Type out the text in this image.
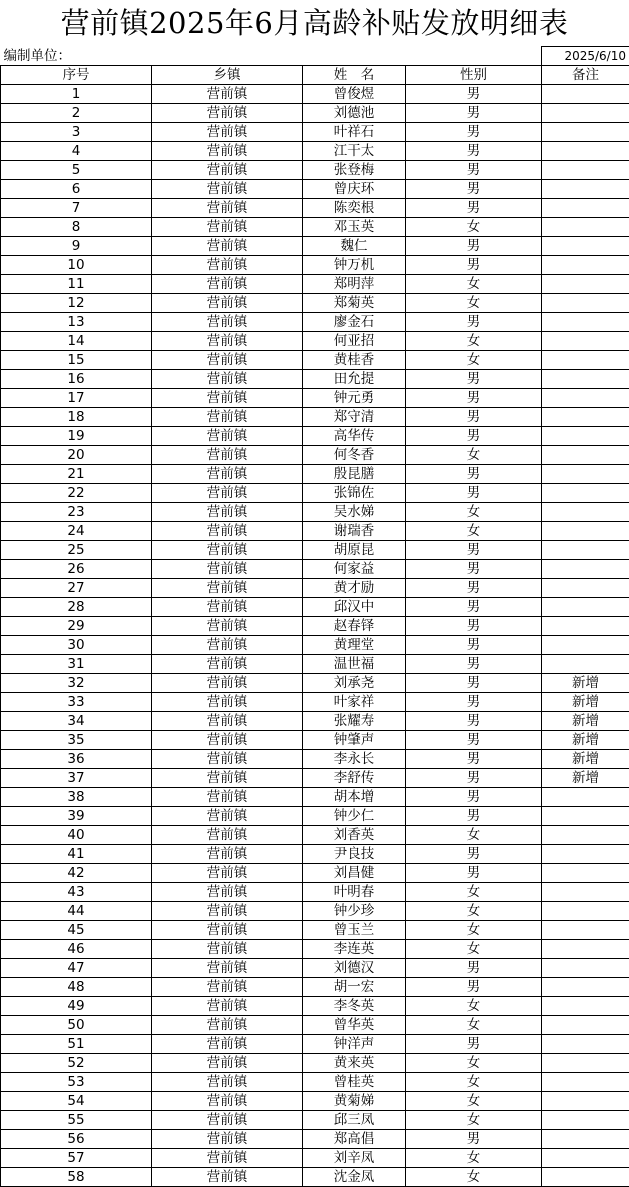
营前镇2025年6月高龄补贴发放明细表
编制单位：				2025/6/10
序号	乡镇	姓　名	性别	备注
1	营前镇	曾俊煜	男	
2	营前镇	刘德池	男	
3	营前镇	叶祥石	男	
4	营前镇	江干太	男	
5	营前镇	张登梅	男	
6	营前镇	曾庆环	男	
7	营前镇	陈奕根	男	
8	营前镇	邓玉英	女	
9	营前镇	魏仁	男	
10	营前镇	钟万机	男	
11	营前镇	郑明萍	女	
12	营前镇	郑菊英	女	
13	营前镇	廖金石	男	
14	营前镇	何亚招	女	
15	营前镇	黄桂香	女	
16	营前镇	田允提	男	
17	营前镇	钟元勇	男	
18	营前镇	郑守清	男	
19	营前镇	高华传	男	
20	营前镇	何冬香	女	
21	营前镇	殷昆膳	男	
22	营前镇	张锦佐	男	
23	营前镇	吴水娣	女	
24	营前镇	谢瑞香	女	
25	营前镇	胡原昆	男	
26	营前镇	何家益	男	
27	营前镇	黄才励	男	
28	营前镇	邱汉中	男	
29	营前镇	赵春铎	男	
30	营前镇	黄理堂	男	
31	营前镇	温世福	男	
32	营前镇	刘承尧	男	新增
33	营前镇	叶家祥	男	新增
34	营前镇	张耀寿	男	新增
35	营前镇	钟肇声	男	新增
36	营前镇	李永长	男	新增
37	营前镇	李舒传	男	新增
38	营前镇	胡本增	男	
39	营前镇	钟少仁	男	
40	营前镇	刘香英	女	
41	营前镇	尹良技	男	
42	营前镇	刘昌健	男	
43	营前镇	叶明春	女	
44	营前镇	钟少珍	女	
45	营前镇	曾玉兰	女	
46	营前镇	李连英	女	
47	营前镇	刘德汉	男	
48	营前镇	胡一宏	男	
49	营前镇	李冬英	女	
50	营前镇	曾华英	女	
51	营前镇	钟洋声	男	
52	营前镇	黄来英	女	
53	营前镇	曾桂英	女	
54	营前镇	黄菊娣	女	
55	营前镇	邱三凤	女	
56	营前镇	郑高倡	男	
57	营前镇	刘辛凤	女	
58	营前镇	沈金凤	女	
